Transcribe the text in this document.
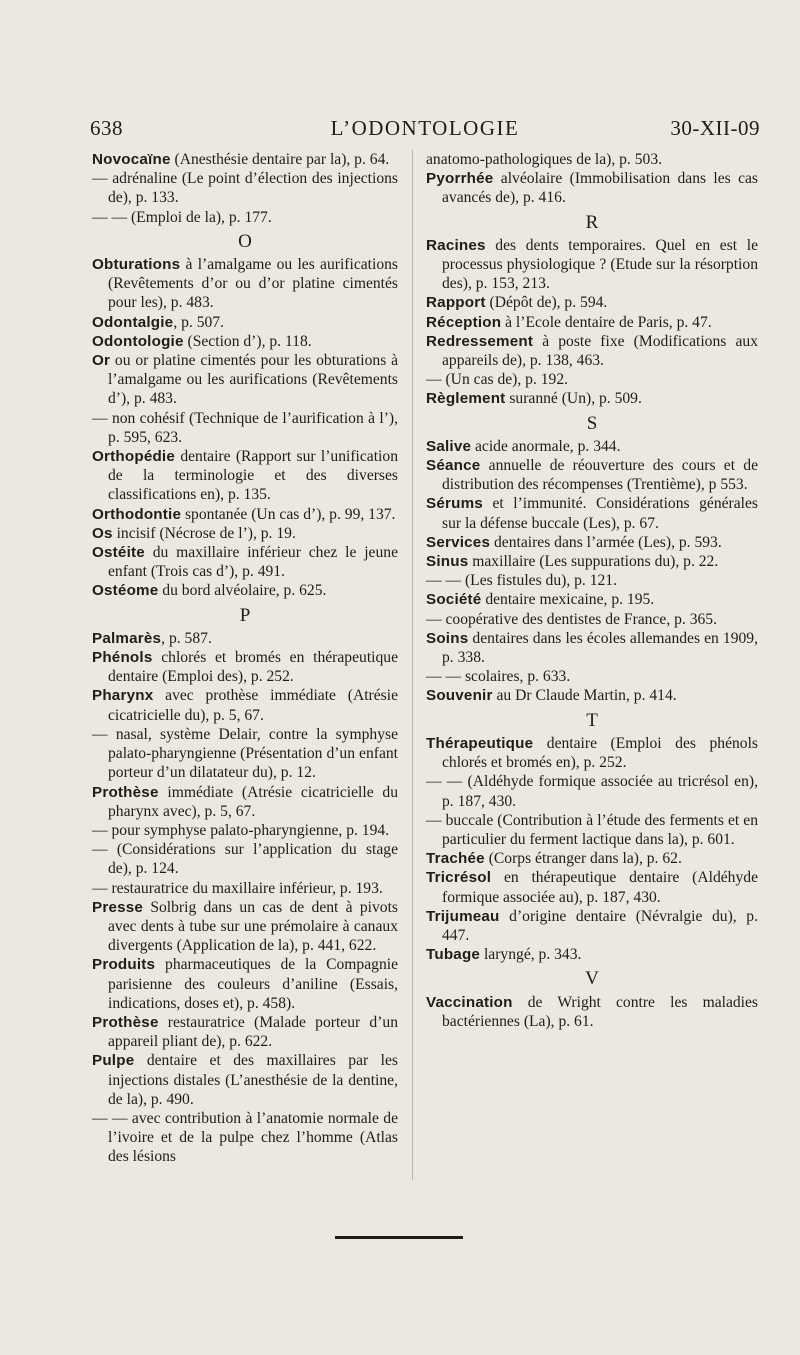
638	L’ODONTOLOGIE	30-XII-09

Novocaïne (Anesthésie dentaire par la), p. 64.

— adrénaline (Le point d’élection des injections de), p. 133.

— — (Emploi de la), p. 177.

O

Obturations à l’amalgame ou les aurifications (Revêtements d’or ou d’or platine cimentés pour les), p. 483.

Odontalgie, p. 507.

Odontologie (Section d’), p. 118.

Or ou or platine cimentés pour les obturations à l’amalgame ou les aurifications (Revêtements d’), p. 483.

— non cohésif (Technique de l’aurification à l’), p. 595, 623.

Orthopédie dentaire (Rapport sur l’unification de la terminologie et des diverses classifications en), p. 135.

Orthodontie spontanée (Un cas d’), p. 99, 137.

Os incisif (Nécrose de l’), p. 19.

Ostéite du maxillaire inférieur chez le jeune enfant (Trois cas d’), p. 491.

Ostéome du bord alvéolaire, p. 625.

P

Palmarès, p. 587.

Phénols chlorés et bromés en thérapeutique dentaire (Emploi des), p. 252.

Pharynx avec prothèse immédiate (Atrésie cicatricielle du), p. 5, 67.

— nasal, système Delair, contre la symphyse palato-pharyngienne (Présentation d’un enfant porteur d’un dilatateur du), p. 12.

Prothèse immédiate (Atrésie cicatricielle du pharynx avec), p. 5, 67.

— pour symphyse palato-pharyngienne, p. 194.

— (Considérations sur l’application du stage de), p. 124.

— restauratrice du maxillaire inférieur, p. 193.

Presse Solbrig dans un cas de dent à pivots avec dents à tube sur une prémolaire à canaux divergents (Application de la), p. 441, 622.

Produits pharmaceutiques de la Compagnie parisienne des couleurs d’aniline (Essais, indications, doses et), p. 458).

Prothèse restauratrice (Malade porteur d’un appareil pliant de), p. 622.

Pulpe dentaire et des maxillaires par les injections distales (L’anesthésie de la dentine, de la), p. 490.

— — avec contribution à l’anatomie normale de l’ivoire et de la pulpe chez l’homme (Atlas des lésions

anatomo-pathologiques de la), p. 503.

Pyorrhée alvéolaire (Immobilisation dans les cas avancés de), p. 416.

R

Racines des dents temporaires. Quel en est le processus physiologique ? (Etude sur la résorption des), p. 153, 213.

Rapport (Dépôt de), p. 594.

Réception à l’Ecole dentaire de Paris, p. 47.

Redressement à poste fixe (Modifications aux appareils de), p. 138, 463.

— (Un cas de), p. 192.

Règlement suranné (Un), p. 509.

S

Salive acide anormale, p. 344.

Séance annuelle de réouverture des cours et de distribution des récompenses (Trentième), p 553.

Sérums et l’immunité. Considérations générales sur la défense buccale (Les), p. 67.

Services dentaires dans l’armée (Les), p. 593.

Sinus maxillaire (Les suppurations du), p. 22.

— — (Les fistules du), p. 121.

Société dentaire mexicaine, p. 195.

— coopérative des dentistes de France, p. 365.

Soins dentaires dans les écoles allemandes en 1909, p. 338.

— — scolaires, p. 633.

Souvenir au Dr Claude Martin, p. 414.

T

Thérapeutique dentaire (Emploi des phénols chlorés et bromés en), p. 252.

— — (Aldéhyde formique associée au tricrésol en), p. 187, 430.

— buccale (Contribution à l’étude des ferments et en particulier du ferment lactique dans la), p. 601.

Trachée (Corps étranger dans la), p. 62.

Tricrésol en thérapeutique dentaire (Aldéhyde formique associée au), p. 187, 430.

Trijumeau d’origine dentaire (Névralgie du), p. 447.

Tubage laryngé, p. 343.

V

Vaccination de Wright contre les maladies bactériennes (La), p. 61.
